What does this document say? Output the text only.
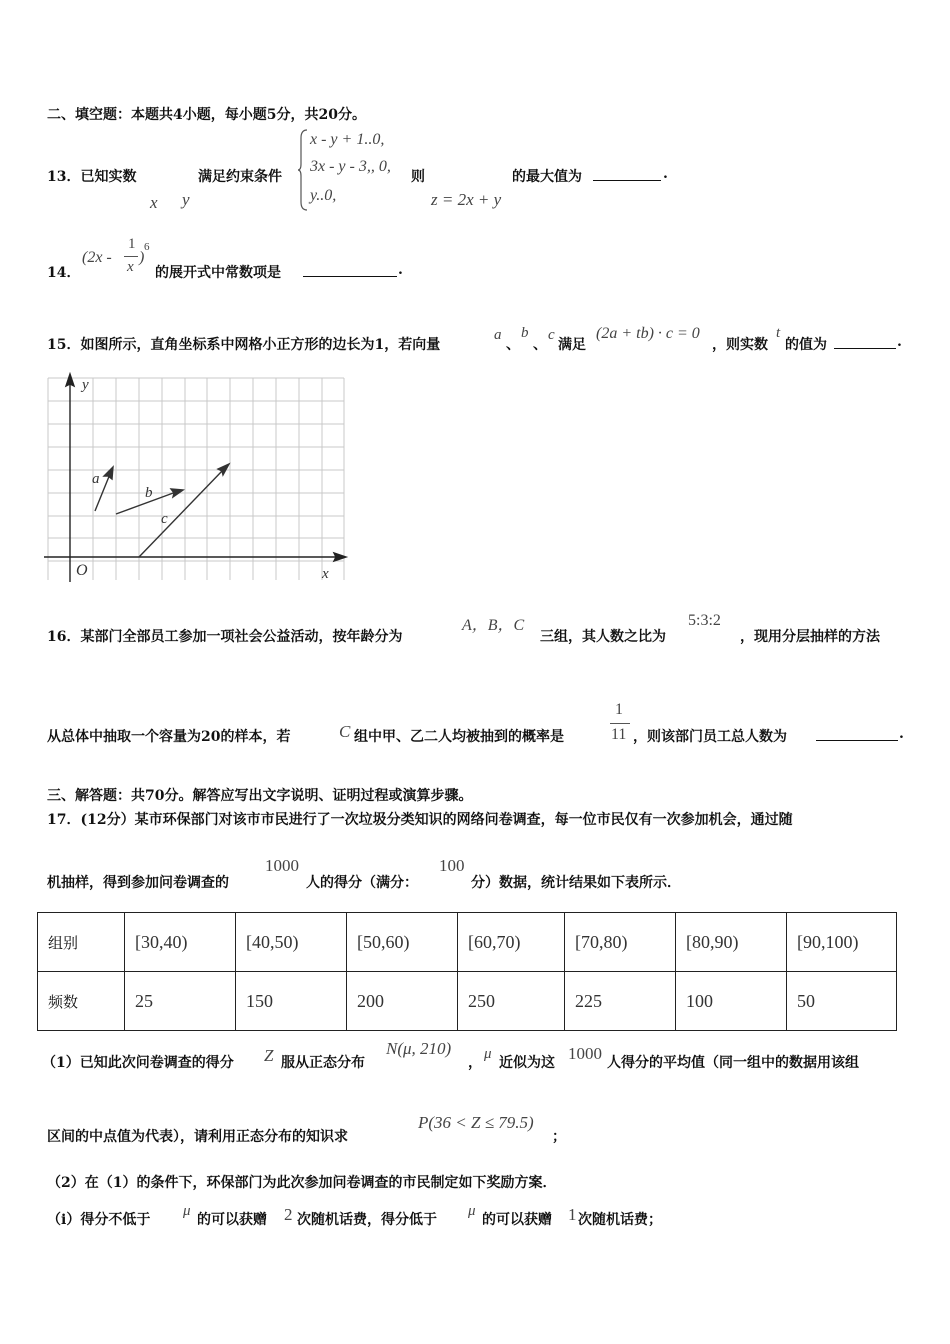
二、填空题：本题共4小题，每小题5分，共20分。
13．已知实数
x y
满足约束条件
x - y + 1..0,
3x - y - 3,, 0,
y..0,
则
z = 2x + y
的最大值为	.
14．
(2x -
1
x
)
6
的展开式中常数项是	.
15．如图所示，直角坐标系中网格小正方形的边长为1，若向量
a
、
b
、
c
满足
(2a + tb) · c = 0
，则实数
t
的值为	.
y
x
O
a
b
c
16．某部门全部员工参加一项社会公益活动，按年龄分为
A，B，C
三组，其人数之比为
5:3:2
，现用分层抽样的方法
从总体中抽取一个容量为20的样本，若	C 组中甲、乙二人均被抽到的概率是
1
11 ，则该部门员工总人数为	.
三、解答题：共70分。解答应写出文字说明、证明过程或演算步骤。
17．(12分）某市环保部门对该市市民进行了一次垃圾分类知识的网络问卷调查，每一位市民仅有一次参加机会，通过随
机抽样，得到参加问卷调查的
1000
人的得分（满分：
100
分）数据，统计结果如下表所示．
组别	[30,40)	[40,50)	[50,60)	[60,70)	[70,80)	[80,90)	[90,100)
频数	25	150	200	250	225	100	50
（1）已知此次问卷调查的得分 Z 服从正态分布
N(μ, 210)
，
μ
近似为这 1000 人得分的平均值（同一组中的数据用该组
区间的中点值为代表），请利用正态分布的知识求
P(36 < Z ≤ 79.5)
；
（2）在（1）的条件下，环保部门为此次参加问卷调查的市民制定如下奖励方案．
（ⅰ）得分不低于
μ
的可以获赠 2 次随机话费，得分低于
μ
的可以获赠 1 次随机话费；
